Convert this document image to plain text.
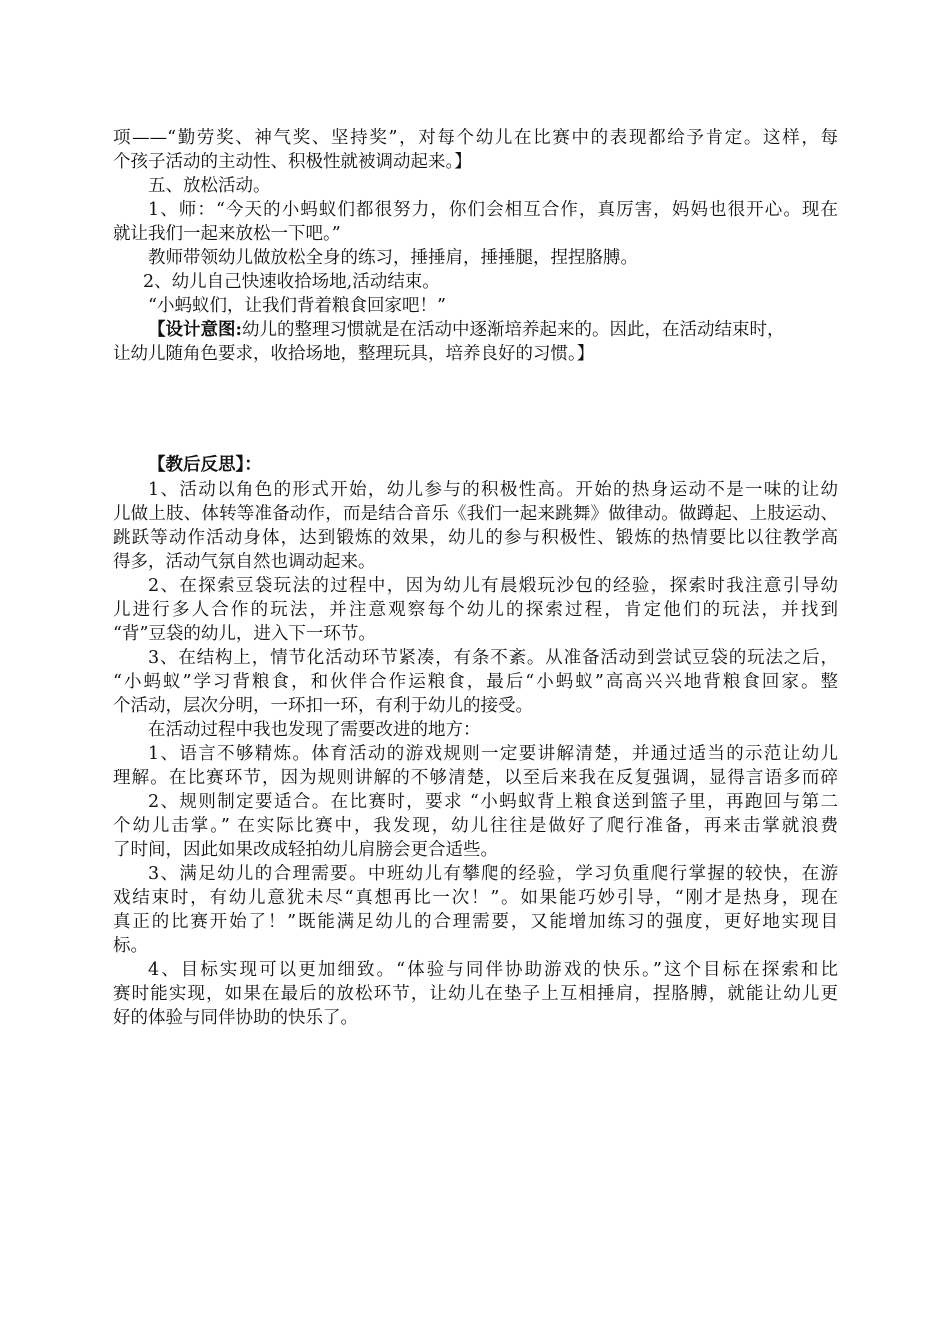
项——“勤劳奖、神气奖、坚持奖”，对每个幼儿在比赛中的表现都给予肯定。这样，每
个孩子活动的主动性、积极性就被调动起来。】
五、放松活动。
1、师：“今天的小蚂蚁们都很努力，你们会相互合作，真厉害，妈妈也很开心。现在
就让我们一起来放松一下吧。”
教师带领幼儿做放松全身的练习，捶捶肩，捶捶腿，捏捏胳膊。
2、幼儿自己快速收拾场地,活动结束。
“小蚂蚁们，让我们背着粮食回家吧！”
【设计意图:幼儿的整理习惯就是在活动中逐渐培养起来的。因此，在活动结束时，
让幼儿随角色要求，收拾场地，整理玩具，培养良好的习惯。】
【教后反思】：
1、活动以角色的形式开始，幼儿参与的积极性高。开始的热身运动不是一味的让幼
儿做上肢、体转等准备动作，而是结合音乐《我们一起来跳舞》做律动。做蹲起、上肢运动、
跳跃等动作活动身体，达到锻炼的效果，幼儿的参与积极性、锻炼的热情要比以往教学高
得多，活动气氛自然也调动起来。
2、在探索豆袋玩法的过程中，因为幼儿有晨煅玩沙包的经验，探索时我注意引导幼
儿进行多人合作的玩法，并注意观察每个幼儿的探索过程，肯定他们的玩法，并找到
“背”豆袋的幼儿，进入下一环节。
3、在结构上，情节化活动环节紧凑，有条不紊。从准备活动到尝试豆袋的玩法之后，
“小蚂蚁”学习背粮食，和伙伴合作运粮食，最后“小蚂蚁”高高兴兴地背粮食回家。整
个活动，层次分明，一环扣一环，有利于幼儿的接受。
在活动过程中我也发现了需要改进的地方：
1、语言不够精炼。体育活动的游戏规则一定要讲解清楚，并通过适当的示范让幼儿
理解。在比赛环节，因为规则讲解的不够清楚，以至后来我在反复强调，显得言语多而碎
2、规则制定要适合。在比赛时，要求 “小蚂蚁背上粮食送到篮子里，再跑回与第二
个幼儿击掌。” 在实际比赛中，我发现，幼儿往往是做好了爬行准备，再来击掌就浪费
了时间，因此如果改成轻拍幼儿肩膀会更合适些。
3、满足幼儿的合理需要。中班幼儿有攀爬的经验，学习负重爬行掌握的较快，在游
戏结束时，有幼儿意犹未尽“真想再比一次！”。如果能巧妙引导，“刚才是热身，现在
真正的比赛开始了！”既能满足幼儿的合理需要，又能增加练习的强度，更好地实现目
标。
4、目标实现可以更加细致。“体验与同伴协助游戏的快乐。”这个目标在探索和比
赛时能实现，如果在最后的放松环节，让幼儿在垫子上互相捶肩，捏胳膊，就能让幼儿更
好的体验与同伴协助的快乐了。
